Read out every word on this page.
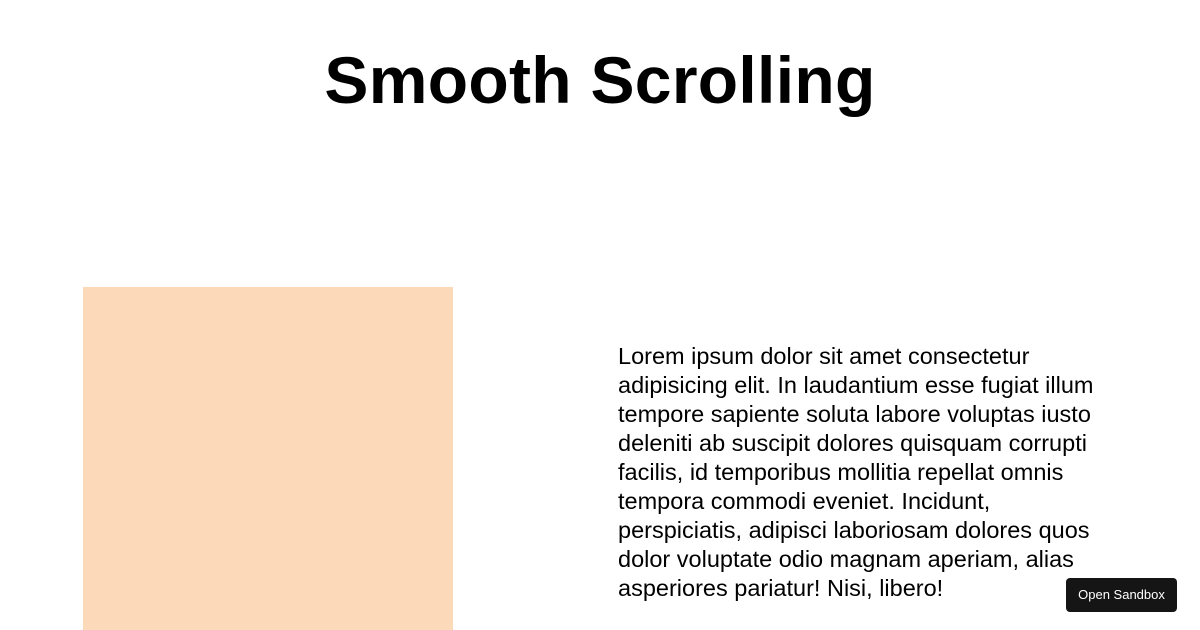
Smooth Scrolling

Lorem ipsum dolor sit amet consectetur adipisicing elit. In laudantium esse fugiat illum tempore sapiente soluta labore voluptas iusto deleniti ab suscipit dolores quisquam corrupti facilis, id temporibus mollitia repellat omnis tempora commodi eveniet. Incidunt, perspiciatis, adipisci laboriosam dolores quos dolor voluptate odio magnam aperiam, alias asperiores pariatur! Nisi, libero!	Open Sandbox
